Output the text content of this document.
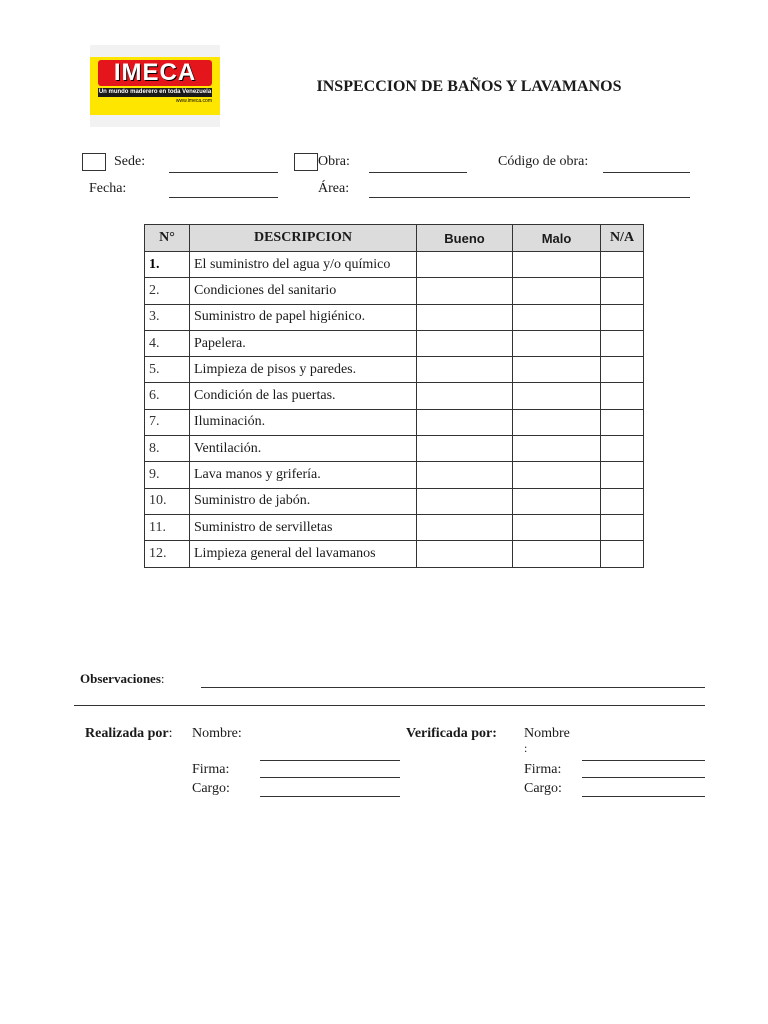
IMECA
Un mundo maderero en toda Venezuela
www.imeca.com
INSPECCION DE BAÑOS Y LAVAMANOS
Sede:	Obra:	Código de obra:
Fecha:	Área:
N°	DESCRIPCION	Bueno	Malo	N/A
1.	El suministro del agua y/o químico			
2.	Condiciones del sanitario			
3.	Suministro de papel higiénico.			
4.	Papelera.			
5.	Limpieza de pisos y paredes.			
6.	Condición de las puertas.			
7.	Iluminación.			
8.	Ventilación.			
9.	Lava manos y grifería.			
10.	Suministro de jabón.			
11.	Suministro de servilletas			
12.	Limpieza general del lavamanos			
Observaciones:
Realizada por: Nombre:
Firma:
Cargo:
Verificada por: Nombre
:
Firma:
Cargo:
